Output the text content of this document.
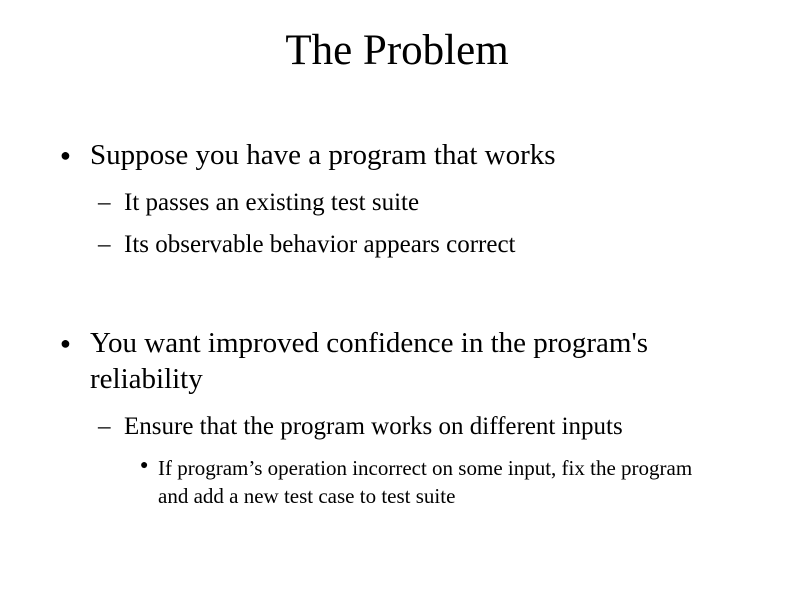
The Problem
● Suppose you have a program that works
– It passes an existing test suite
– Its observable behavior appears correct
● You want improved confidence in the program's reliability
– Ensure that the program works on different inputs
● If program’s operation incorrect on some input, fix the program and add a new test case to test suite
